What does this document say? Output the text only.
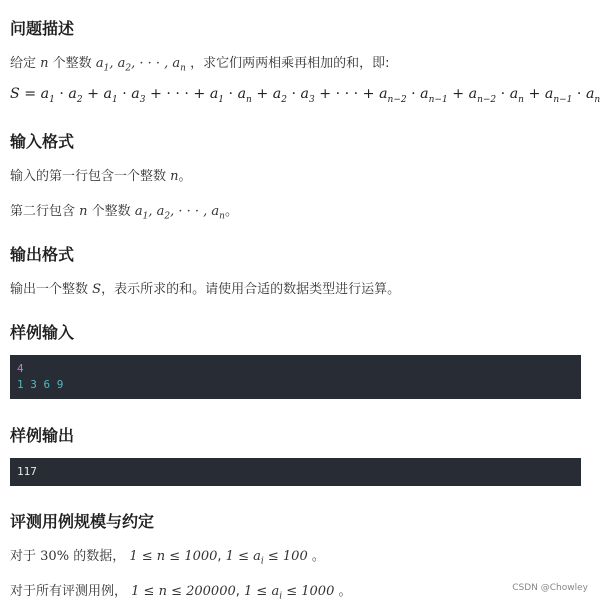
问题描述
给定 n 个整数 $a_1$, $a_2$, · · · , $a_n$ ，求它们两两相乘再相加的和，即:
$S = a_1 \cdot a_2 + a_1 \cdot a_3$ + · · · + $a_1 \cdot a_n + a_2 \cdot a_3$ + · · · + $a_{n-2} \cdot a_{n-1} + a_{n-2} \cdot a_n + a_{n-1} \cdot a_n$
输入格式
输入的第一行包含一个整数 n。
第二行包含 n 个整数 $a_1$, $a_2$, · · · , $a_n$。
输出格式
输出一个整数 S，表示所求的和。请使用合适的数据类型进行运算。
样例输入
4
1 3 6 9
样例输出
117
评测用例规模与约定
对于 30% 的数据， 1 ≤ n ≤ 1000, $1 \le a_i \le 100$ 。
对于所有评测用例， 1 ≤ n ≤ 200000, $1 \le a_i \le 1000$ 。	CSDN @Chowley
